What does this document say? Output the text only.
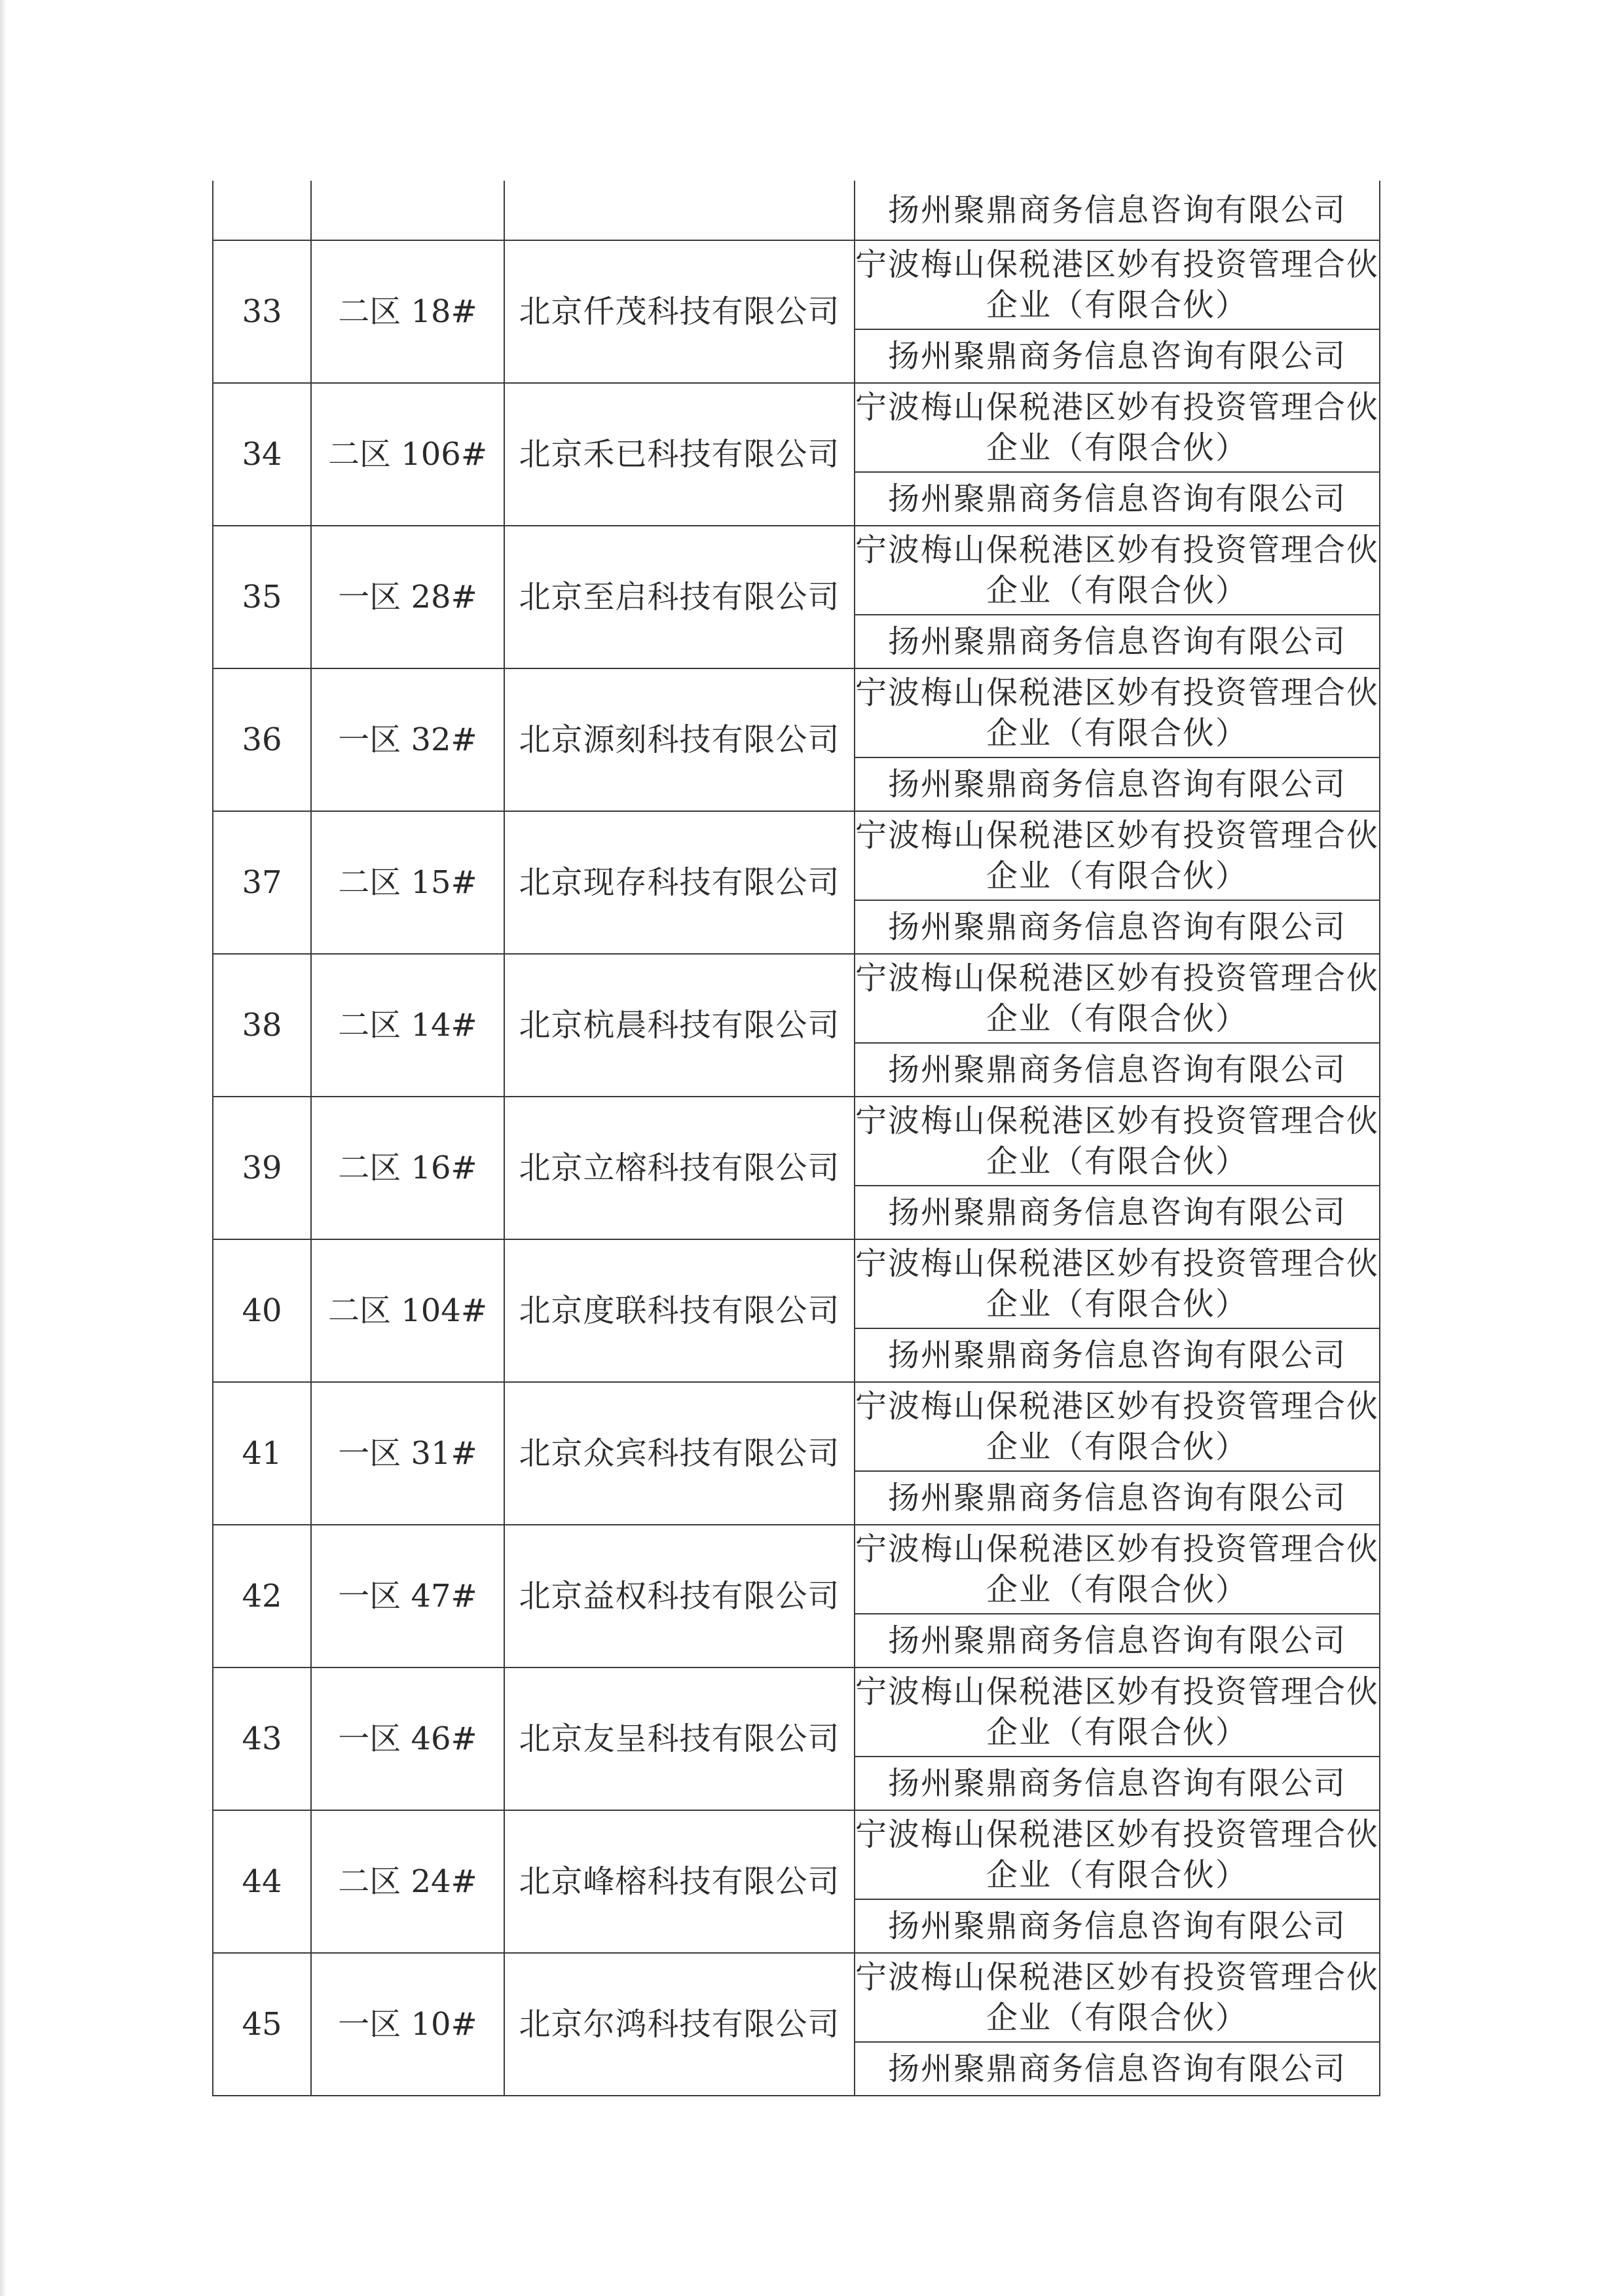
			扬州聚鼎商务信息咨询有限公司
33	二区 18#	北京仟茂科技有限公司	宁波梅山保税港区妙有投资管理合伙企业（有限合伙）
			扬州聚鼎商务信息咨询有限公司
34	二区 106#	北京禾已科技有限公司	宁波梅山保税港区妙有投资管理合伙企业（有限合伙）
			扬州聚鼎商务信息咨询有限公司
35	一区 28#	北京至启科技有限公司	宁波梅山保税港区妙有投资管理合伙企业（有限合伙）
			扬州聚鼎商务信息咨询有限公司
36	一区 32#	北京源刻科技有限公司	宁波梅山保税港区妙有投资管理合伙企业（有限合伙）
			扬州聚鼎商务信息咨询有限公司
37	二区 15#	北京现存科技有限公司	宁波梅山保税港区妙有投资管理合伙企业（有限合伙）
			扬州聚鼎商务信息咨询有限公司
38	二区 14#	北京杭晨科技有限公司	宁波梅山保税港区妙有投资管理合伙企业（有限合伙）
			扬州聚鼎商务信息咨询有限公司
39	二区 16#	北京立榕科技有限公司	宁波梅山保税港区妙有投资管理合伙企业（有限合伙）
			扬州聚鼎商务信息咨询有限公司
40	二区 104#	北京度联科技有限公司	宁波梅山保税港区妙有投资管理合伙企业（有限合伙）
			扬州聚鼎商务信息咨询有限公司
41	一区 31#	北京众宾科技有限公司	宁波梅山保税港区妙有投资管理合伙企业（有限合伙）
			扬州聚鼎商务信息咨询有限公司
42	一区 47#	北京益权科技有限公司	宁波梅山保税港区妙有投资管理合伙企业（有限合伙）
			扬州聚鼎商务信息咨询有限公司
43	一区 46#	北京友呈科技有限公司	宁波梅山保税港区妙有投资管理合伙企业（有限合伙）
			扬州聚鼎商务信息咨询有限公司
44	二区 24#	北京峰榕科技有限公司	宁波梅山保税港区妙有投资管理合伙企业（有限合伙）
			扬州聚鼎商务信息咨询有限公司
45	一区 10#	北京尔鸿科技有限公司	宁波梅山保税港区妙有投资管理合伙企业（有限合伙）
			扬州聚鼎商务信息咨询有限公司
